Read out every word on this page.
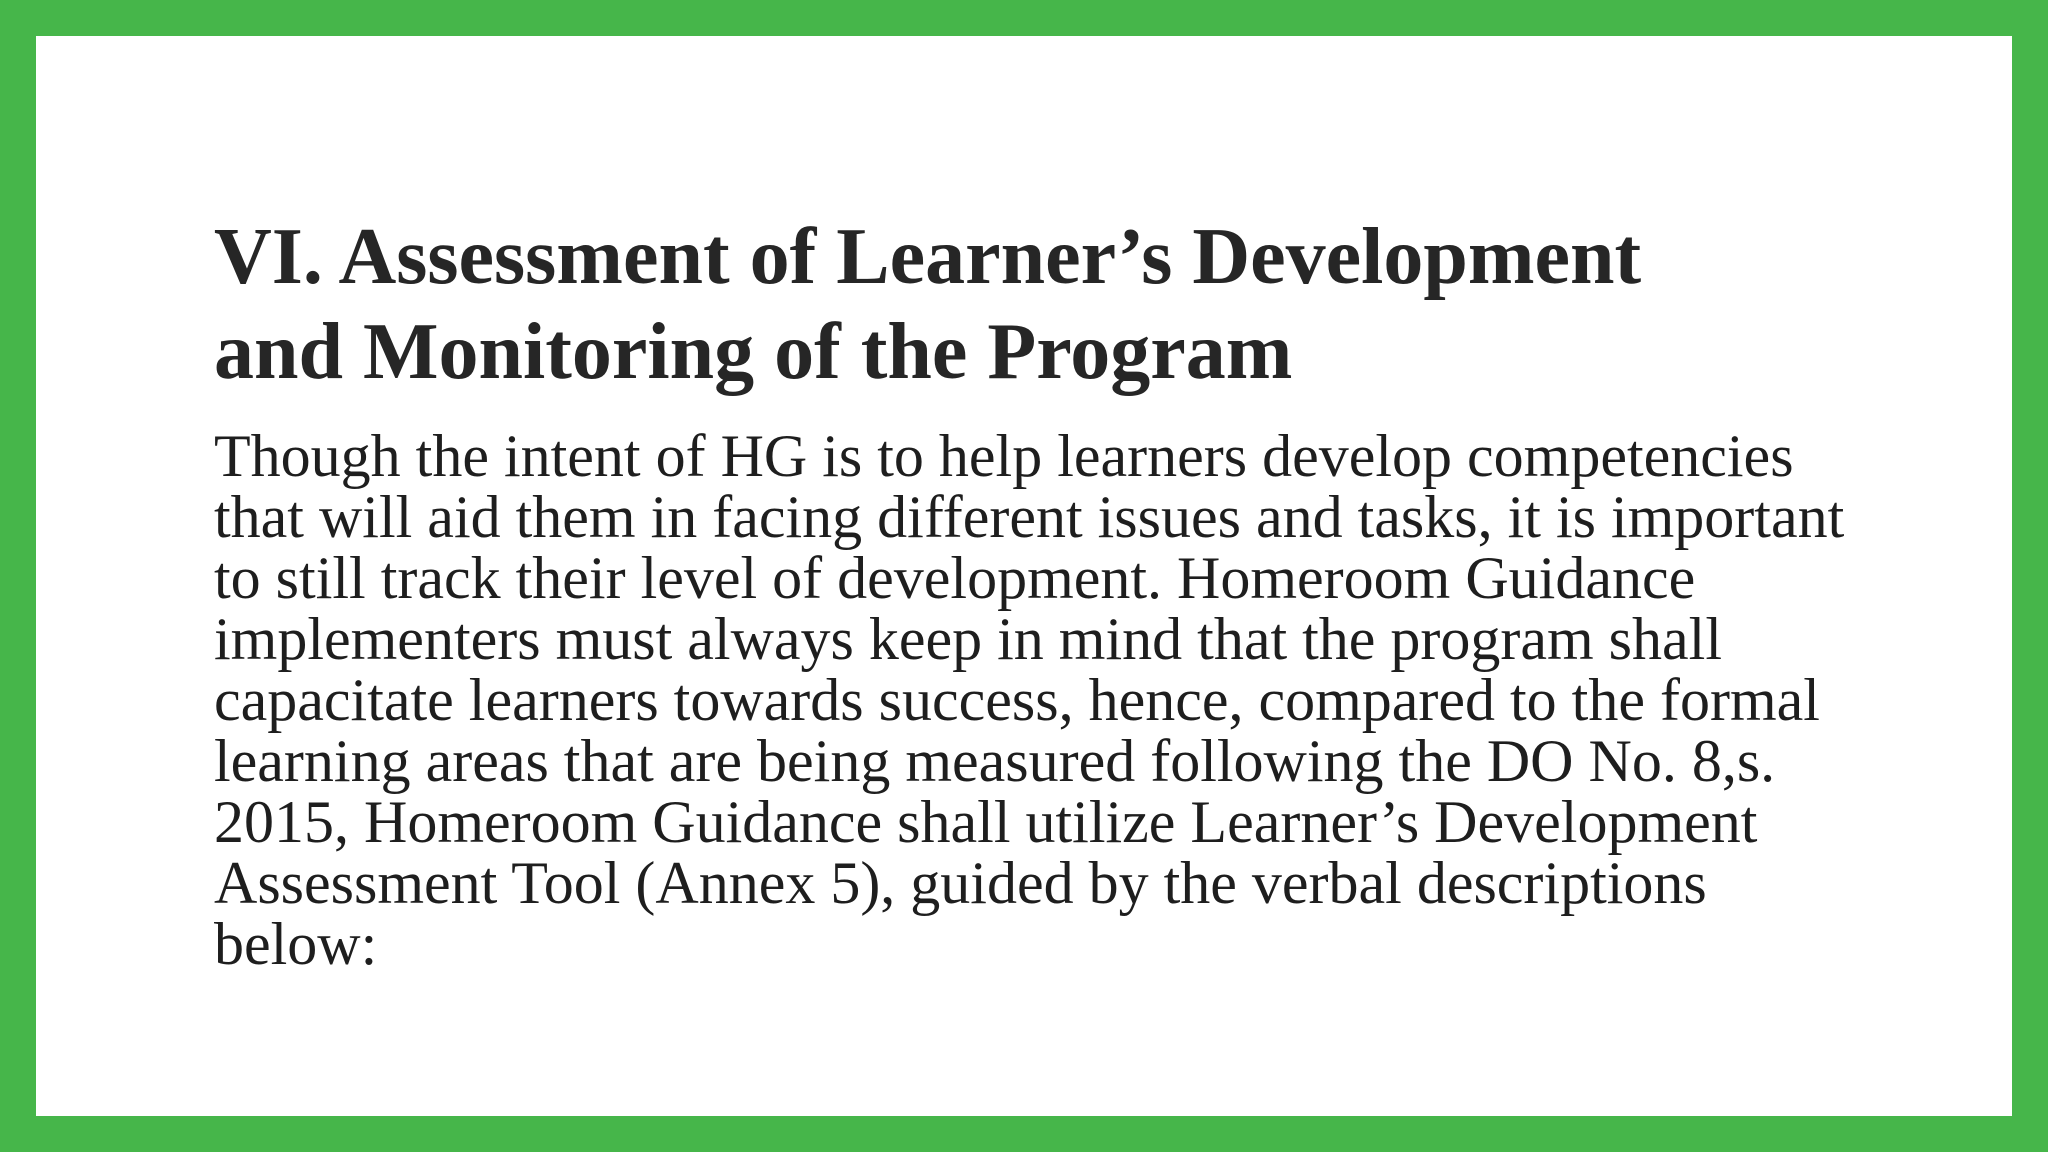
VI. Assessment of Learner’s Development
and Monitoring of the Program
Though the intent of HG is to help learners develop competencies
that will aid them in facing different issues and tasks, it is important
to still track their level of development. Homeroom Guidance
implementers must always keep in mind that the program shall
capacitate learners towards success, hence, compared to the formal
learning areas that are being measured following the DO No. 8,s.
2015, Homeroom Guidance shall utilize Learner’s Development
Assessment Tool (Annex 5), guided by the verbal descriptions
below:
